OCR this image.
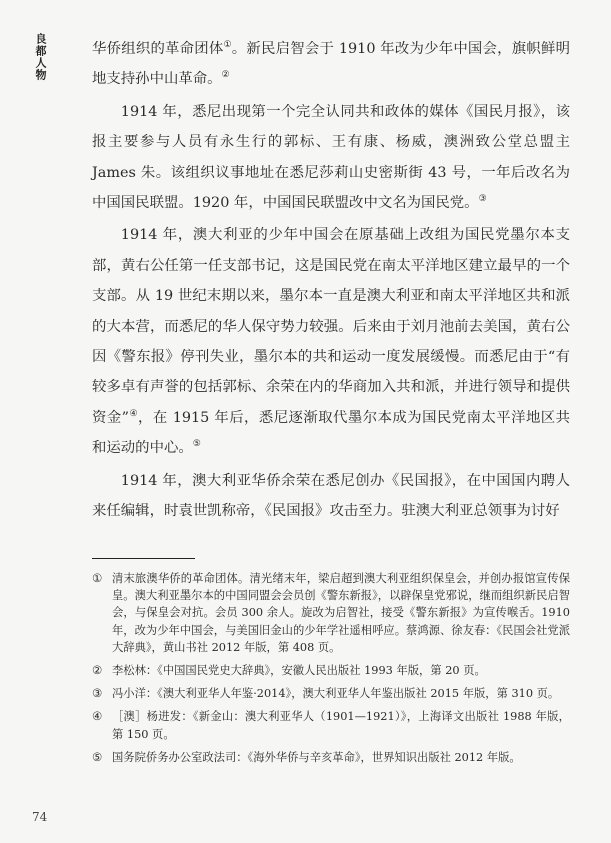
良都人物	华侨组织的革命团体①。新民启智会于 1910 年改为少年中国会，旗帜鲜明地支持孙中山革命。②

1914 年，悉尼出现第一个完全认同共和政体的媒体《国民月报》，该报主要参与人员有永生行的郭标、王有康、杨威，澳洲致公堂总盟主 James 朱。该组织议事地址在悉尼莎莉山史密斯街 43 号，一年后改名为中国国民联盟。1920 年，中国国民联盟改中文名为国民党。③

1914 年，澳大利亚的少年中国会在原基础上改组为国民党墨尔本支部，黄右公任第一任支部书记，这是国民党在南太平洋地区建立最早的一个支部。从 19 世纪末期以来，墨尔本一直是澳大利亚和南太平洋地区共和派的大本营，而悉尼的华人保守势力较强。后来由于刘月池前去美国，黄右公因《警东报》停刊失业，墨尔本的共和运动一度发展缓慢。而悉尼由于“有较多卓有声誉的包括郭标、余荣在内的华商加入共和派，并进行领导和提供资金”④，在 1915 年后，悉尼逐渐取代墨尔本成为国民党南太平洋地区共和运动的中心。⑤

1914 年，澳大利亚华侨余荣在悉尼创办《民国报》，在中国国内聘人来任编辑，时袁世凯称帝，《民国报》攻击至力。驻澳大利亚总领事为讨好

① 清末旅澳华侨的革命团体。清光绪末年，梁启超到澳大利亚组织保皇会，并创办报馆宣传保皇。澳大利亚墨尔本的中国同盟会会员创《警东新报》，以辟保皇党邪说，继而组织新民启智会，与保皇会对抗。会员 300 余人。旋改为启智社，接受《警东新报》为宣传喉舌。1910 年，改为少年中国会，与美国旧金山的少年学社遥相呼应。蔡鸿源、徐友春：《民国会社党派大辞典》，黄山书社 2012 年版，第 408 页。
② 李松林：《中国国民党史大辞典》，安徽人民出版社 1993 年版，第 20 页。
③ 冯小洋：《澳大利亚华人年鉴·2014》，澳大利亚华人年鉴出版社 2015 年版，第 310 页。
④ ［澳］杨进发：《新金山：澳大利亚华人（1901—1921）》，上海译文出版社 1988 年版，第 150 页。
⑤ 国务院侨务办公室政法司：《海外华侨与辛亥革命》，世界知识出版社 2012 年版。
74
